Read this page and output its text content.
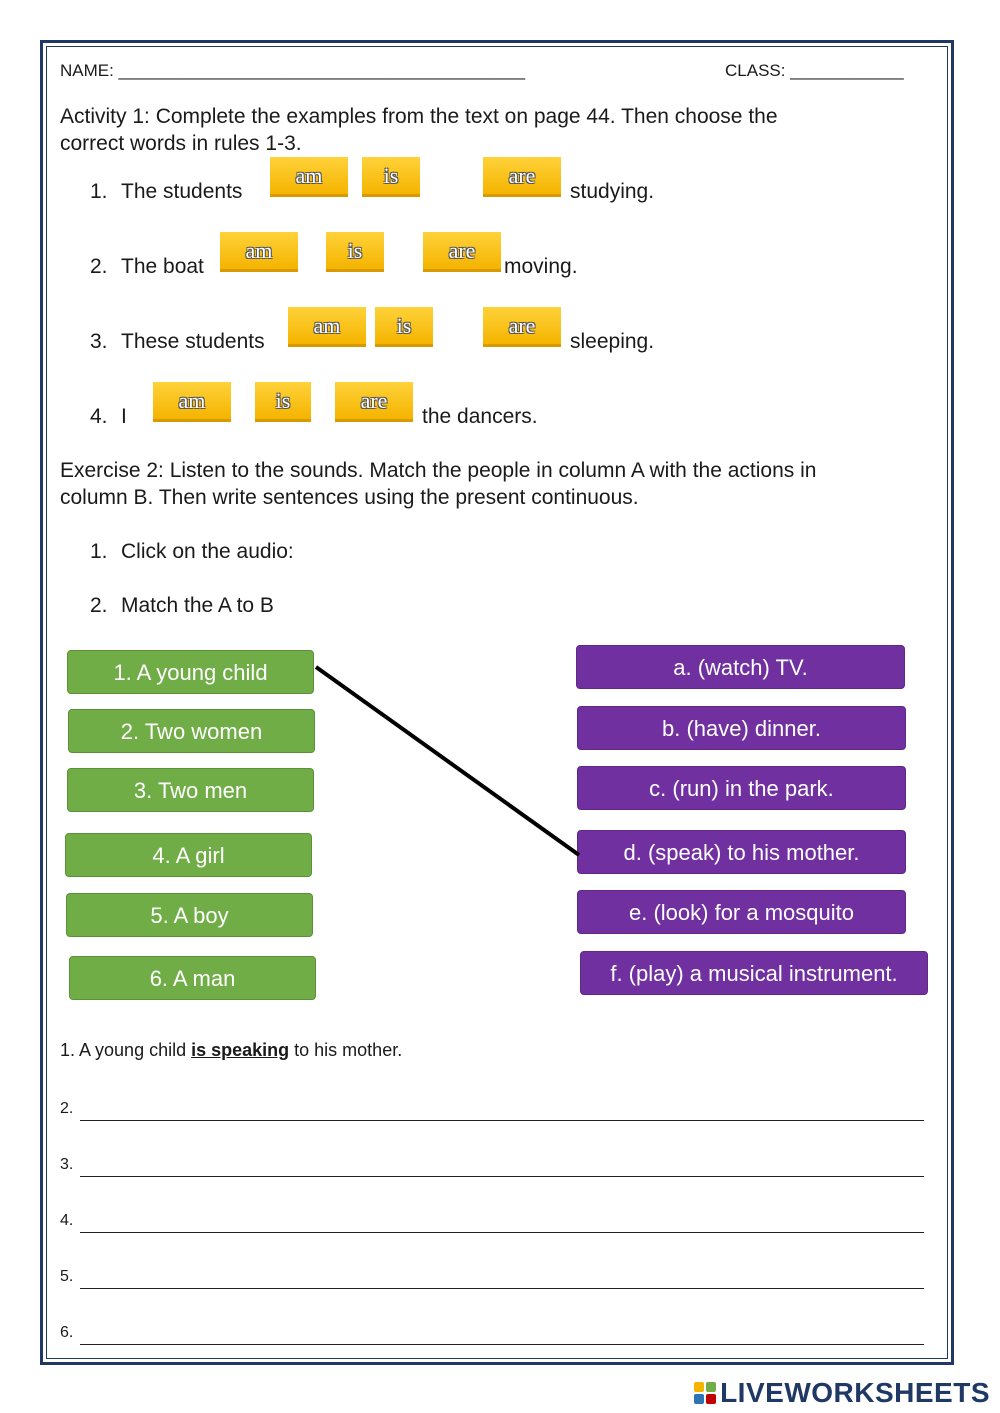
NAME: ___________________________________________	CLASS: ____________
Activity 1: Complete the examples from the text on page 44. Then choose the
correct words in rules 1-3.
1. The students
am	is	are
studying.
2. The boat
am	is	are
moving.
3. These students
am	is	are
sleeping.
4. I
am	is	are
the dancers.
Exercise 2: Listen to the sounds. Match the people in column A with the actions in
column B. Then write sentences using the present continuous.
1. Click on the audio:
2. Match the A to B
1. A young child
2. Two women
3. Two men
4. A girl
5. A boy
6. A man
a. (watch) TV.
b. (have) dinner.
c. (run) in the park.
d. (speak) to his mother.
e. (look) for a mosquito
f. (play) a musical instrument.
1. A young child is speaking to his mother.
2.
3.
4.
5.
6.
LIVEWORKSHEETS
